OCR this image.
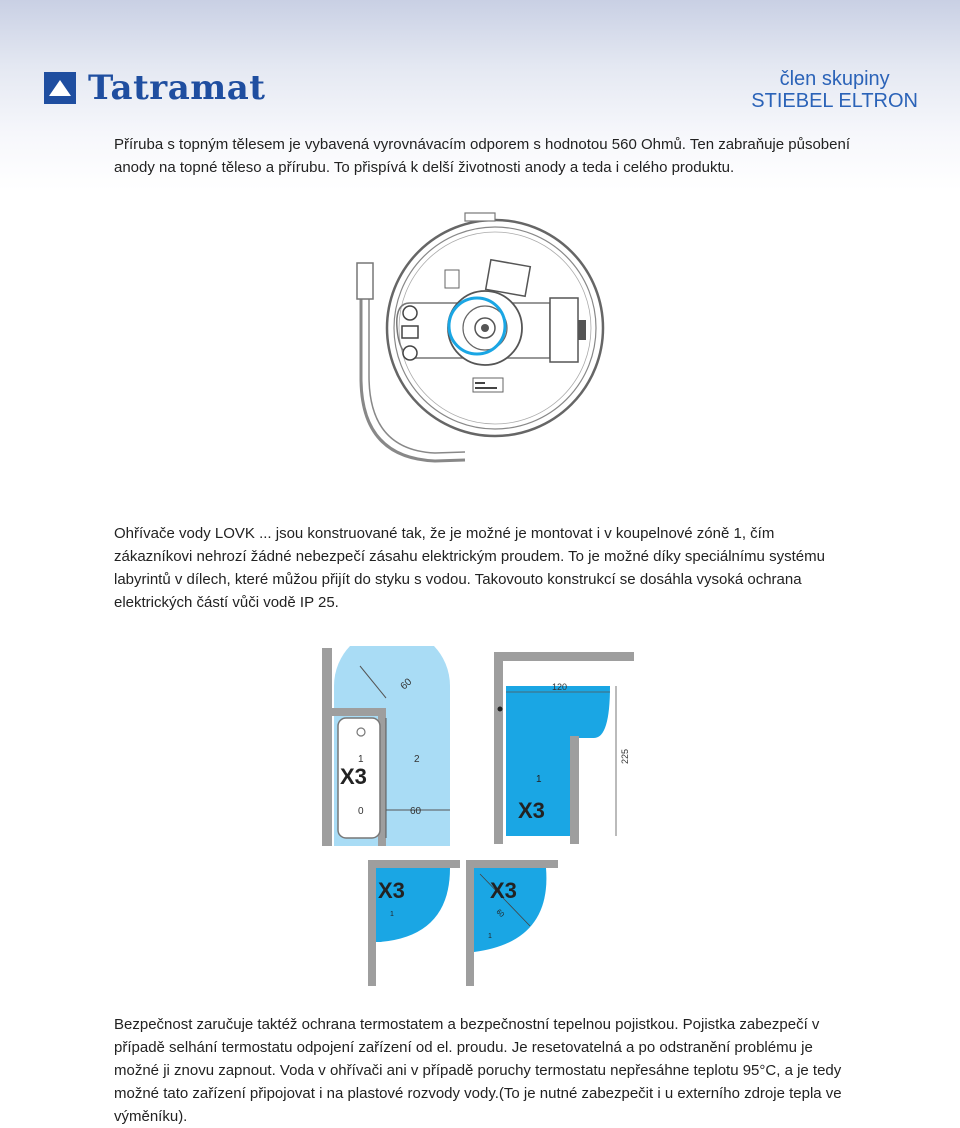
Tatramat	člen skupiny
STIEBEL ELTRON
Příruba s topným tělesem je vybavená vyrovnávacím odporem s hodnotou 560 Ohmů. Ten zabraňuje působení anody na topné těleso a přírubu. To přispívá k delší životnosti anody a teda i celého produktu.
Ohřívače vody LOVK ... jsou konstruované tak, že je možné je montovat i v koupelnové zóně 1, čím zákazníkovi nehrozí žádné nebezpečí zásahu elektrickým proudem. To je možné díky speciálnímu systému labyrintů v dílech, které můžou přijít do styku s vodou. Takovouto konstrukcí se dosáhla vysoká ochrana elektrických částí vůči vodě IP 25.
60
1	2
X3
0	60
120
225
1
X3
X3
1
X3
60
1
Bezpečnost zaručuje taktéž ochrana termostatem a bezpečnostní tepelnou pojistkou. Pojistka zabezpečí v případě selhání termostatu odpojení zařízení od el. proudu. Je resetovatelná a po odstranění problému je možné ji znovu zapnout. Voda v ohřívači ani v případě poruchy termostatu nepřesáhne teplotu 95°C, a je tedy možné tato zařízení připojovat i na plastové rozvody vody.(To je nutné zabezpečit i u externího zdroje tepla ve výměníku).
